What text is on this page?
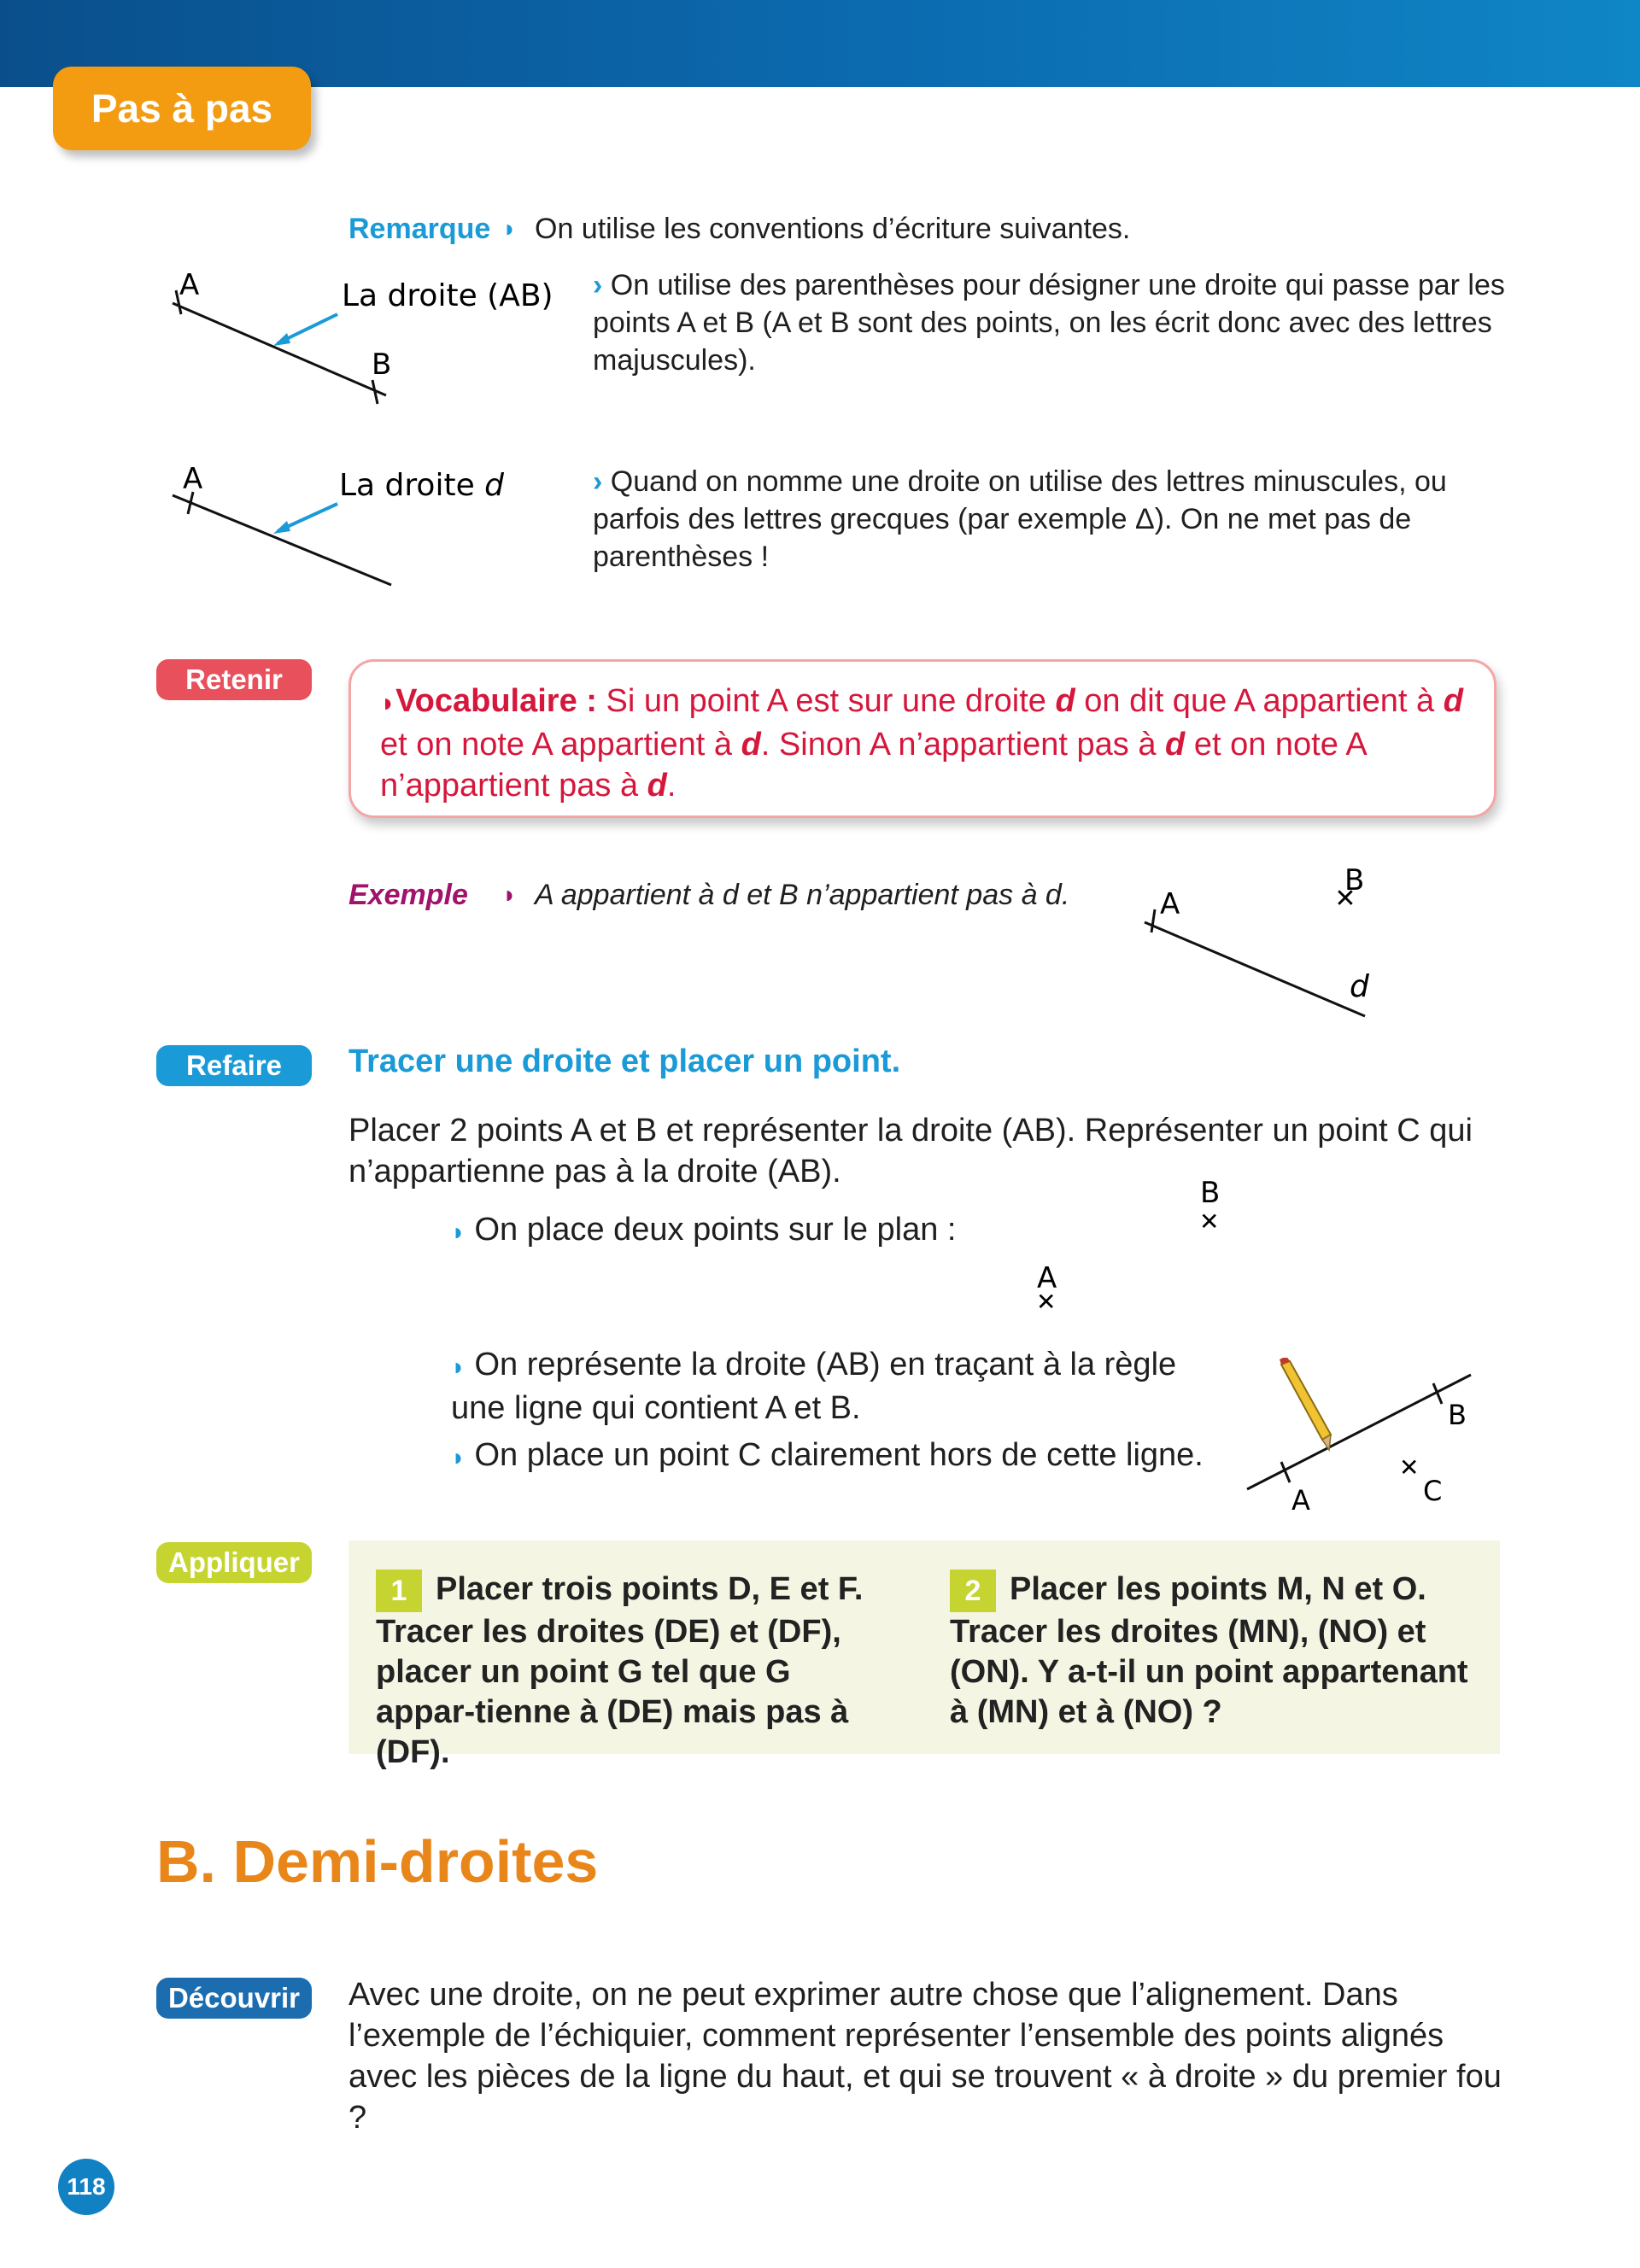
Pas à pas
Remarque ◗ On utilise les conventions d’écriture suivantes.
A
B
La droite (AB) › On utilise des parenthèses pour désigner une droite qui passe par les points A et B (A et B sont des points, on les écrit donc avec des lettres majuscules).
A	La droite d	› Quand on nomme une droite on utilise des lettres minuscules, ou parfois des lettres grecques (par exemple Δ). On ne met pas de parenthèses !
Retenir
◗Vocabulaire : Si un point A est sur une droite d on dit que A appartient à d et on note A appartient à d. Sinon A n’appartient pas à d et on note A n’appartient pas à d.
Exemple ◗ A appartient à d et B n’appartient pas à d.	A
B
✕
d
Refaire	Tracer une droite et placer un point.
Placer 2 points A et B et représenter la droite (AB). Représenter un point C qui n’appartienne pas à la droite (AB).
◗ On place deux points sur le plan :
◗ On représente la droite (AB) en traçant à la règle une ligne qui contient A et B.
◗ On place un point C clairement hors de cette ligne.
B
✕
A
✕
A
B
✕
C
Appliquer
1 Placer trois points D, E et F. Tracer les droites (DE) et (DF), placer un point G tel que G appar-tienne à (DE) mais pas à (DF).
2 Placer les points M, N et O. Tracer les droites (MN), (NO) et (ON). Y a-t-il un point appartenant à (MN) et à (NO) ?
B. Demi-droites
Découvrir	Avec une droite, on ne peut exprimer autre chose que l’alignement. Dans l’exemple de l’échiquier, comment représenter l’ensemble des points alignés avec les pièces de la ligne du haut, et qui se trouvent « à droite » du premier fou ?
118
